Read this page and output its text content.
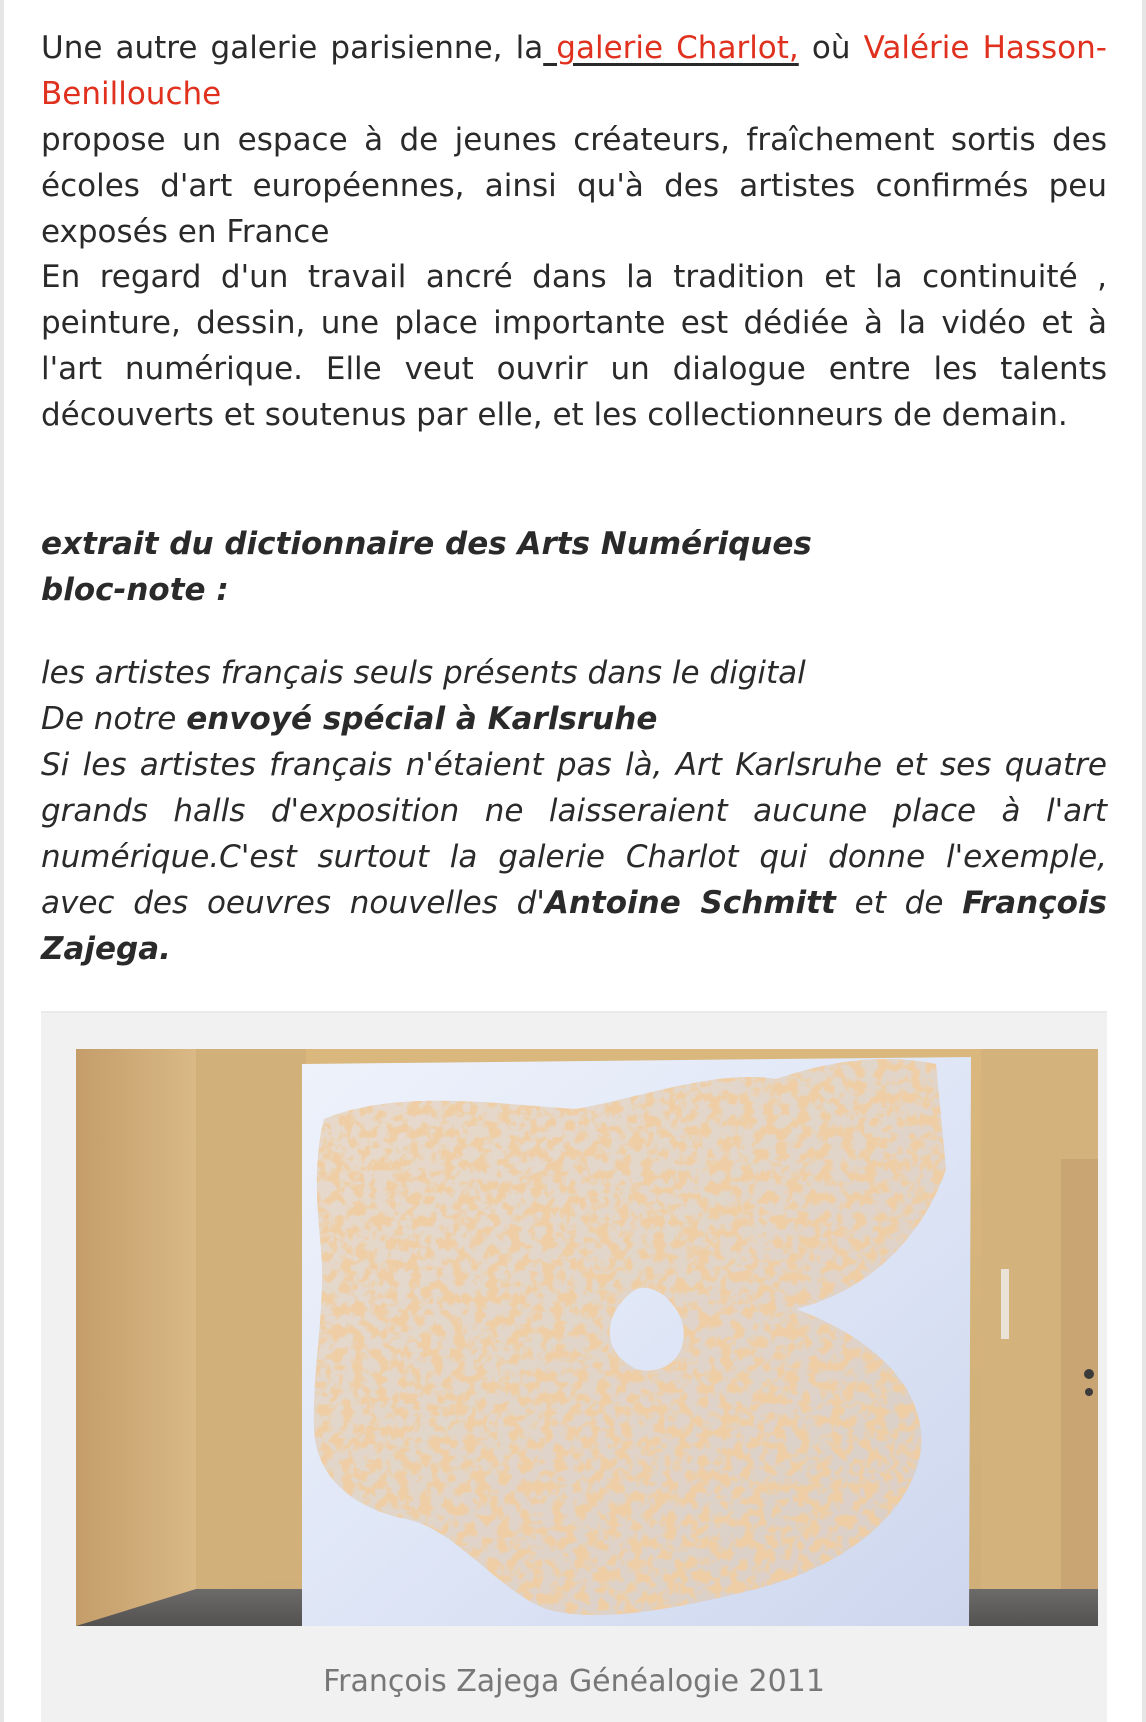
Une autre galerie parisienne, la galerie Charlot, où Valérie Hasson-Benillouche

propose un espace à de jeunes créateurs, fraîchement sortis des écoles d'art européennes, ainsi qu'à des artistes confirmés peu exposés en France

En regard d'un travail ancré dans la tradition et la continuité , peinture, dessin, une place importante est dédiée à la vidéo et à l'art numérique. Elle veut ouvrir un dialogue entre les talents découverts et soutenus par elle, et les collectionneurs de demain.

extrait du dictionnaire des Arts Numériques
bloc-note :

les artistes français seuls présents dans le digital
De notre envoyé spécial à Karlsruhe
Si les artistes français n'étaient pas là, Art Karlsruhe et ses quatre grands halls d'exposition ne laisseraient aucune place à l'art numérique.C'est surtout la galerie Charlot qui donne l'exemple, avec des oeuvres nouvelles d'Antoine Schmitt et de François Zajega.

François Zajega Généalogie 2011
